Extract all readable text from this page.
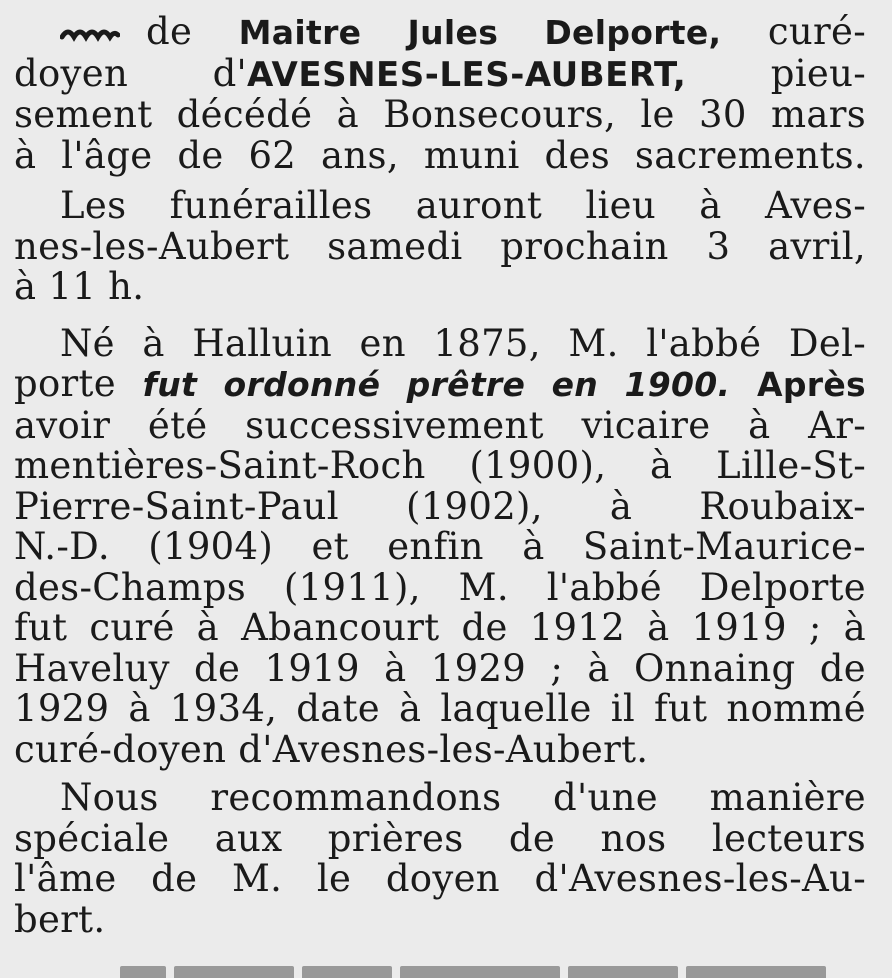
de Maitre Jules Delporte, curé-
doyen d'AVESNES-LES-AUBERT, pieu-
sement décédé à Bonsecours, le 30 mars
à l'âge de 62 ans, muni des sacrements.

Les funérailles auront lieu à Aves-
nes-les-Aubert samedi prochain 3 avril,
à 11 h.

Né à Halluin en 1875, M. l'abbé Del-
porte fut ordonné prêtre en 1900. Après
avoir été successivement vicaire à Ar-
mentières-Saint-Roch (1900), à Lille-St-
Pierre-Saint-Paul (1902), à Roubaix-
N.-D. (1904) et enfin à Saint-Maurice-
des-Champs (1911), M. l'abbé Delporte
fut curé à Abancourt de 1912 à 1919 ; à
Haveluy de 1919 à 1929 ; à Onnaing de
1929 à 1934, date à laquelle il fut nommé
curé-doyen d'Avesnes-les-Aubert.

Nous recommandons d'une manière
spéciale aux prières de nos lecteurs
l'âme de M. le doyen d'Avesnes-les-Au-
bert.
